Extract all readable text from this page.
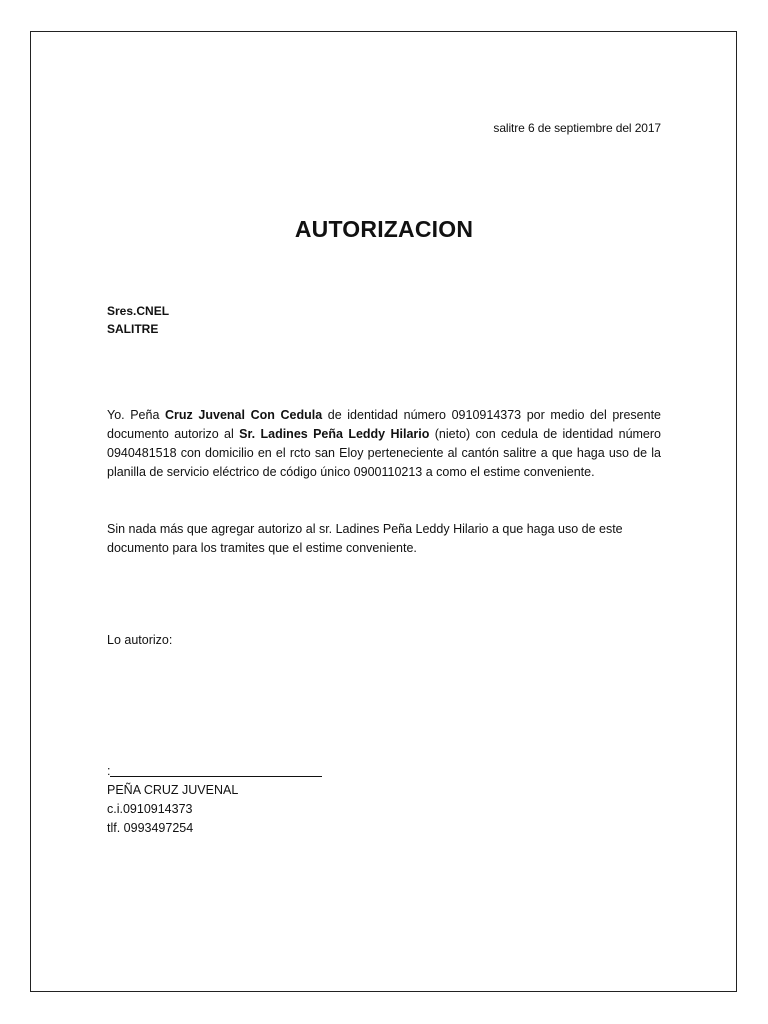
salitre 6 de septiembre del 2017
AUTORIZACION
Sres.CNEL
SALITRE
Yo. Peña Cruz Juvenal Con Cedula de identidad número 0910914373 por medio del presente documento autorizo al Sr. Ladines Peña Leddy Hilario (nieto) con cedula de identidad número 0940481518 con domicilio en el rcto san Eloy perteneciente al cantón salitre a que haga uso de la planilla de servicio eléctrico de código único 0900110213 a como el estime conveniente.
Sin nada más que agregar autorizo al sr. Ladines Peña Leddy Hilario a que haga uso de este documento para los tramites que el estime conveniente.
Lo autorizo:
:
PEÑA CRUZ JUVENAL
c.i.0910914373
tlf. 0993497254
